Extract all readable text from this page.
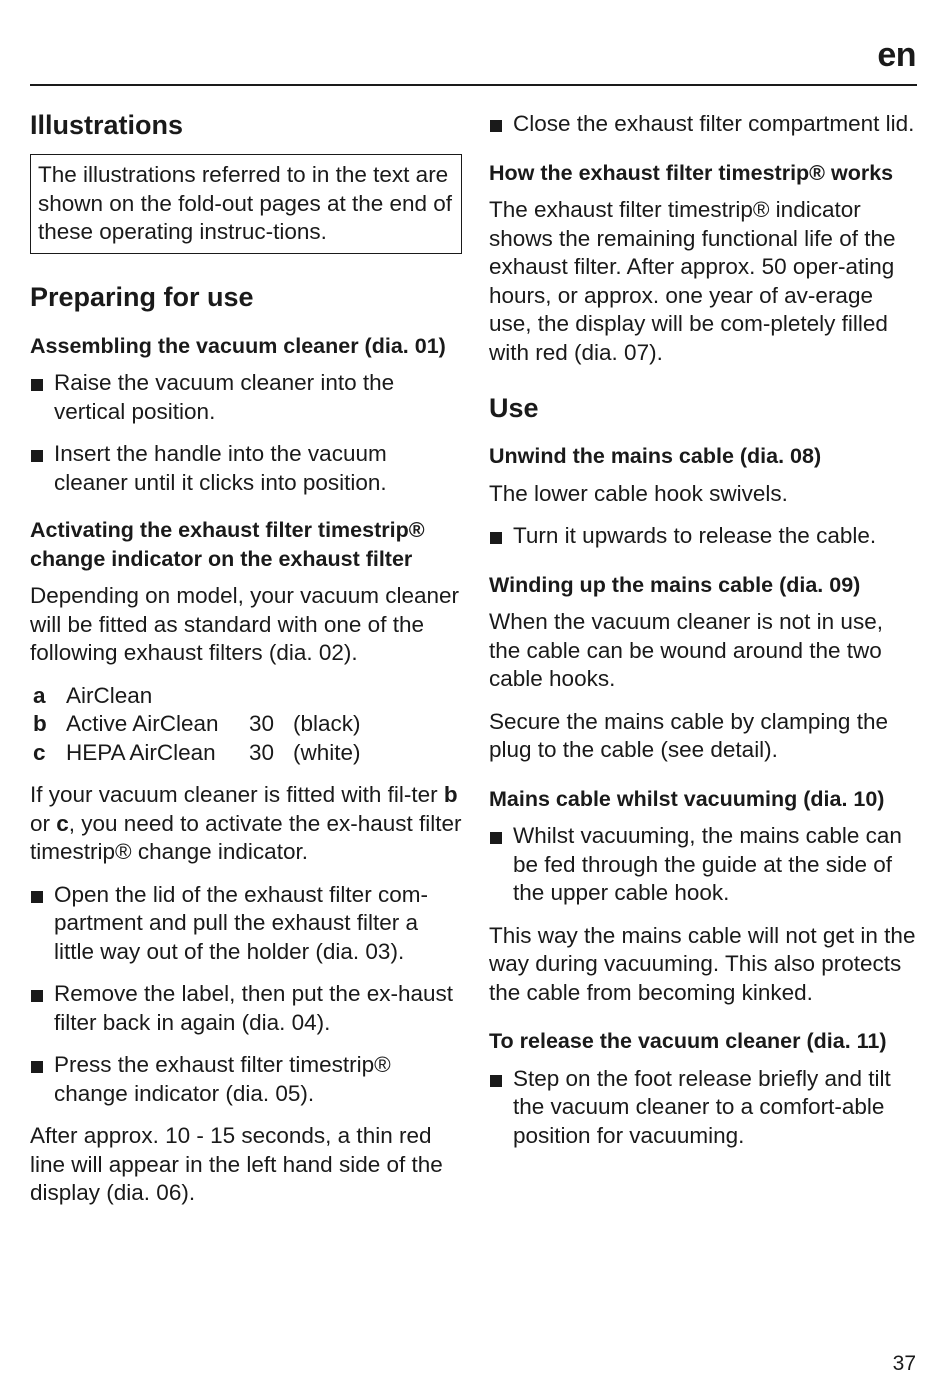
en
Illustrations

The illustrations referred to in the text are shown on the fold-out pages at the end of these operating instruc-tions.

Preparing for use
Assembling the vacuum cleaner (dia. 01)
Raise the vacuum cleaner into the vertical position.
Insert the handle into the vacuum cleaner until it clicks into position.
Activating the exhaust filter timestrip® change indicator on the exhaust filter

Depending on model, your vacuum cleaner will be fitted as standard with one of the following exhaust filters (dia. 02).

a AirClean
b Active AirClean	30 (black)
c HEPA AirClean	30 (white)

If your vacuum cleaner is fitted with fil-ter b or c, you need to activate the ex-haust filter timestrip® change indicator.

Open the lid of the exhaust filter com-partment and pull the exhaust filter a little way out of the holder (dia. 03).
Remove the label, then put the ex-haust filter back in again (dia. 04).
Press the exhaust filter timestrip® change indicator (dia. 05).

After approx. 10 - 15 seconds, a thin red line will appear in the left hand side of the display (dia. 06).

Close the exhaust filter compartment lid.
How the exhaust filter timestrip® works

The exhaust filter timestrip® indicator shows the remaining functional life of the exhaust filter. After approx. 50 oper-ating hours, or approx. one year of av-erage use, the display will be com-pletely filled with red (dia. 07).

Use
Unwind the mains cable (dia. 08)

The lower cable hook swivels.

Turn it upwards to release the cable.
Winding up the mains cable (dia. 09)

When the vacuum cleaner is not in use, the cable can be wound around the two cable hooks.

Secure the mains cable by clamping the plug to the cable (see detail).

Mains cable whilst vacuuming (dia. 10)
Whilst vacuuming, the mains cable can be fed through the guide at the side of the upper cable hook.

This way the mains cable will not get in the way during vacuuming. This also protects the cable from becoming kinked.

To release the vacuum cleaner (dia. 11)
Step on the foot release briefly and tilt the vacuum cleaner to a comfort-able position for vacuuming.
37
